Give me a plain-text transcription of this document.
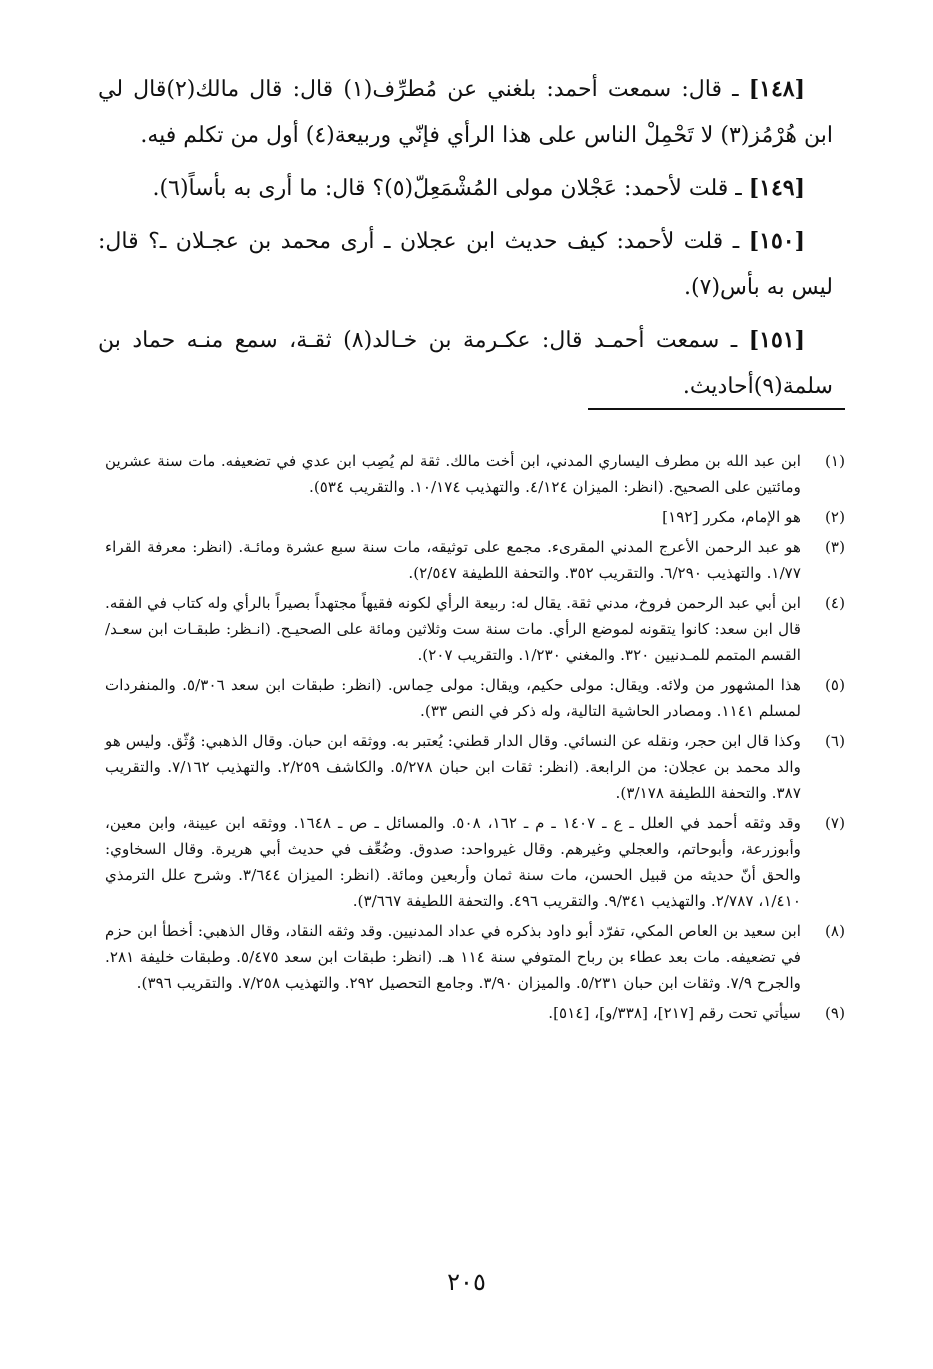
[١٤٨] ـ قال: سمعت أحمد: بلغني عن مُطرِّف(١) قال: قال مالك(٢)قال لي ابن هُرْمُز(٣) لا تَحْمِلْ الناس على هذا الرأي فإنّي وربيعة(٤) أول من تكلم فيه.

[١٤٩] ـ قلت لأحمد: عَجْلان مولى المُشْمَعِلّ(٥)؟ قال: ما أرى به بأساً(٦).

[١٥٠] ـ قلت لأحمد: كيف حديث ابن عجلان ـ أرى محمد بن عجـلان ـ؟ قال: ليس به بأس(٧).

[١٥١] ـ سمعت أحمـد قال: عكـرمة بن خـالد(٨) ثقـة، سمع منـه حماد بن سلمة(٩)أحاديث.

(١)
ابن عبد الله بن مطرف اليساري المدني، ابن أخت مالك. ثقة لم يُصِب ابن عدي في تضعيفه. مات سنة عشرين ومائتين على الصحيح. (انظر: الميزان ٤/١٢٤. والتهذيب ١٠/١٧٤. والتقريب ٥٣٤).
(٢)
هو الإمام، مكرر [١٩٢]
(٣)
هو عبد الرحمن الأعرج المدني المقرىء. مجمع على توثيقه، مات سنة سبع عشرة ومائـة. (انظر: معرفة القراء ١/٧٧. والتهذيب ٦/٢٩٠. والتقريب ٣٥٢. والتحفة اللطيفة ٢/٥٤٧).
(٤)
ابن أبي عبد الرحمن فروخ، مدني ثقة. يقال له: ربيعة الرأي لكونه فقيهاً مجتهداً بصيراً بالرأي وله كتاب في الفقه. قال ابن سعد: كانوا يتقونه لموضع الرأي. مات سنة ست وثلاثين ومائة على الصحيـح. (انـظر: طبقـات ابن سعـد/القسم المتمم للمـدنيين ٣٢٠. والمغني ١/٢٣٠. والتقريب ٢٠٧).
(٥)
هذا المشهور من ولائه. ويقال: مولى حكيم، ويقال: مولى حِماس. (انظر: طبقات ابن سعد ٥/٣٠٦. والمنفردات لمسلم ١١٤١. ومصادر الحاشية التالية، وله ذكر في النص ٣٣).
(٦)
وكذا قال ابن حجر، ونقله عن النسائي. وقال الدار قطني: يُعتبر به. ووثقه ابن حبان. وقال الذهبي: وُثّق. وليس هو والد محمد بن عجلان: من الرابعة. (انظر: ثقات ابن حبان ٥/٢٧٨. والكاشف ٢/٢٥٩. والتهذيب ٧/١٦٢. والتقريب ٣٨٧. والتحفة اللطيفة ٣/١٧٨).
(٧)
وقد وثقه أحمد في العلل ـ ع ـ ١٤٠٧ ـ م ـ ١٦٢، ٥٠٨. والمسائل ـ ص ـ ١٦٤٨. ووثقه ابن عيينة، وابن معين، وأبوزرعة، وأبوحاتم، والعجلي وغيرهم. وقال غيرواحد: صدوق. وضُعِّف في حديث أبي هريرة. وقال السخاوي: والحق أنّ حديثه من قبيل الحسن، مات سنة ثمان وأربعين ومائة. (انظر: الميزان ٣/٦٤٤. وشرح علل الترمذي ١/٤١٠، ٢/٧٨٧. والتهذيب ٩/٣٤١. والتقريب ٤٩٦. والتحفة اللطيفة ٣/٦٦٧).
(٨)
ابن سعيد بن العاص المكي، تفرّد أبو داود بذكره في عداد المدنيين. وقد وثقه النقاد، وقال الذهبي: أخطأ ابن حزم في تضعيفه. مات بعد عطاء بن رباح المتوفي سنة ١١٤ هـ. (انظر: طبقات ابن سعد ٥/٤٧٥. وطبقات خليفة ٢٨١. والجرح ٧/٩. وثقات ابن حبان ٥/٢٣١. والميزان ٣/٩٠. وجامع التحصيل ٢٩٢. والتهذيب ٧/٢٥٨. والتقريب ٣٩٦).
(٩)
سيأتي تحت رقم [٢١٧]، [٣٣٨/و]، [٥١٤].
٢٠٥
